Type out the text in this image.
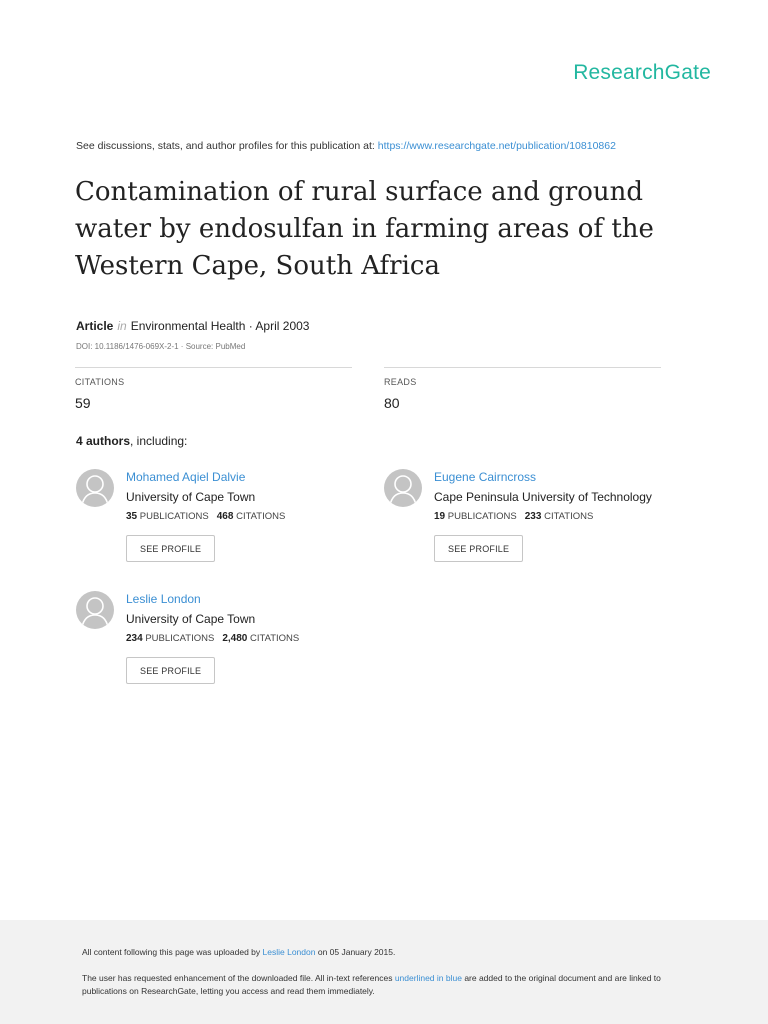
ResearchGate
See discussions, stats, and author profiles for this publication at: https://www.researchgate.net/publication/10810862
Contamination of rural surface and ground water by endosulfan in farming areas of the Western Cape, South Africa
Article in Environmental Health · April 2003
DOI: 10.1186/1476-069X-2-1 · Source: PubMed
CITATIONS
59
READS
80
4 authors, including:
Mohamed Aqiel Dalvie
University of Cape Town
35 PUBLICATIONS 468 CITATIONS
SEE PROFILE
Eugene Cairncross
Cape Peninsula University of Technology
19 PUBLICATIONS 233 CITATIONS
SEE PROFILE
Leslie London
University of Cape Town
234 PUBLICATIONS 2,480 CITATIONS
SEE PROFILE
All content following this page was uploaded by Leslie London on 05 January 2015.
The user has requested enhancement of the downloaded file. All in-text references underlined in blue are added to the original document and are linked to publications on ResearchGate, letting you access and read them immediately.
